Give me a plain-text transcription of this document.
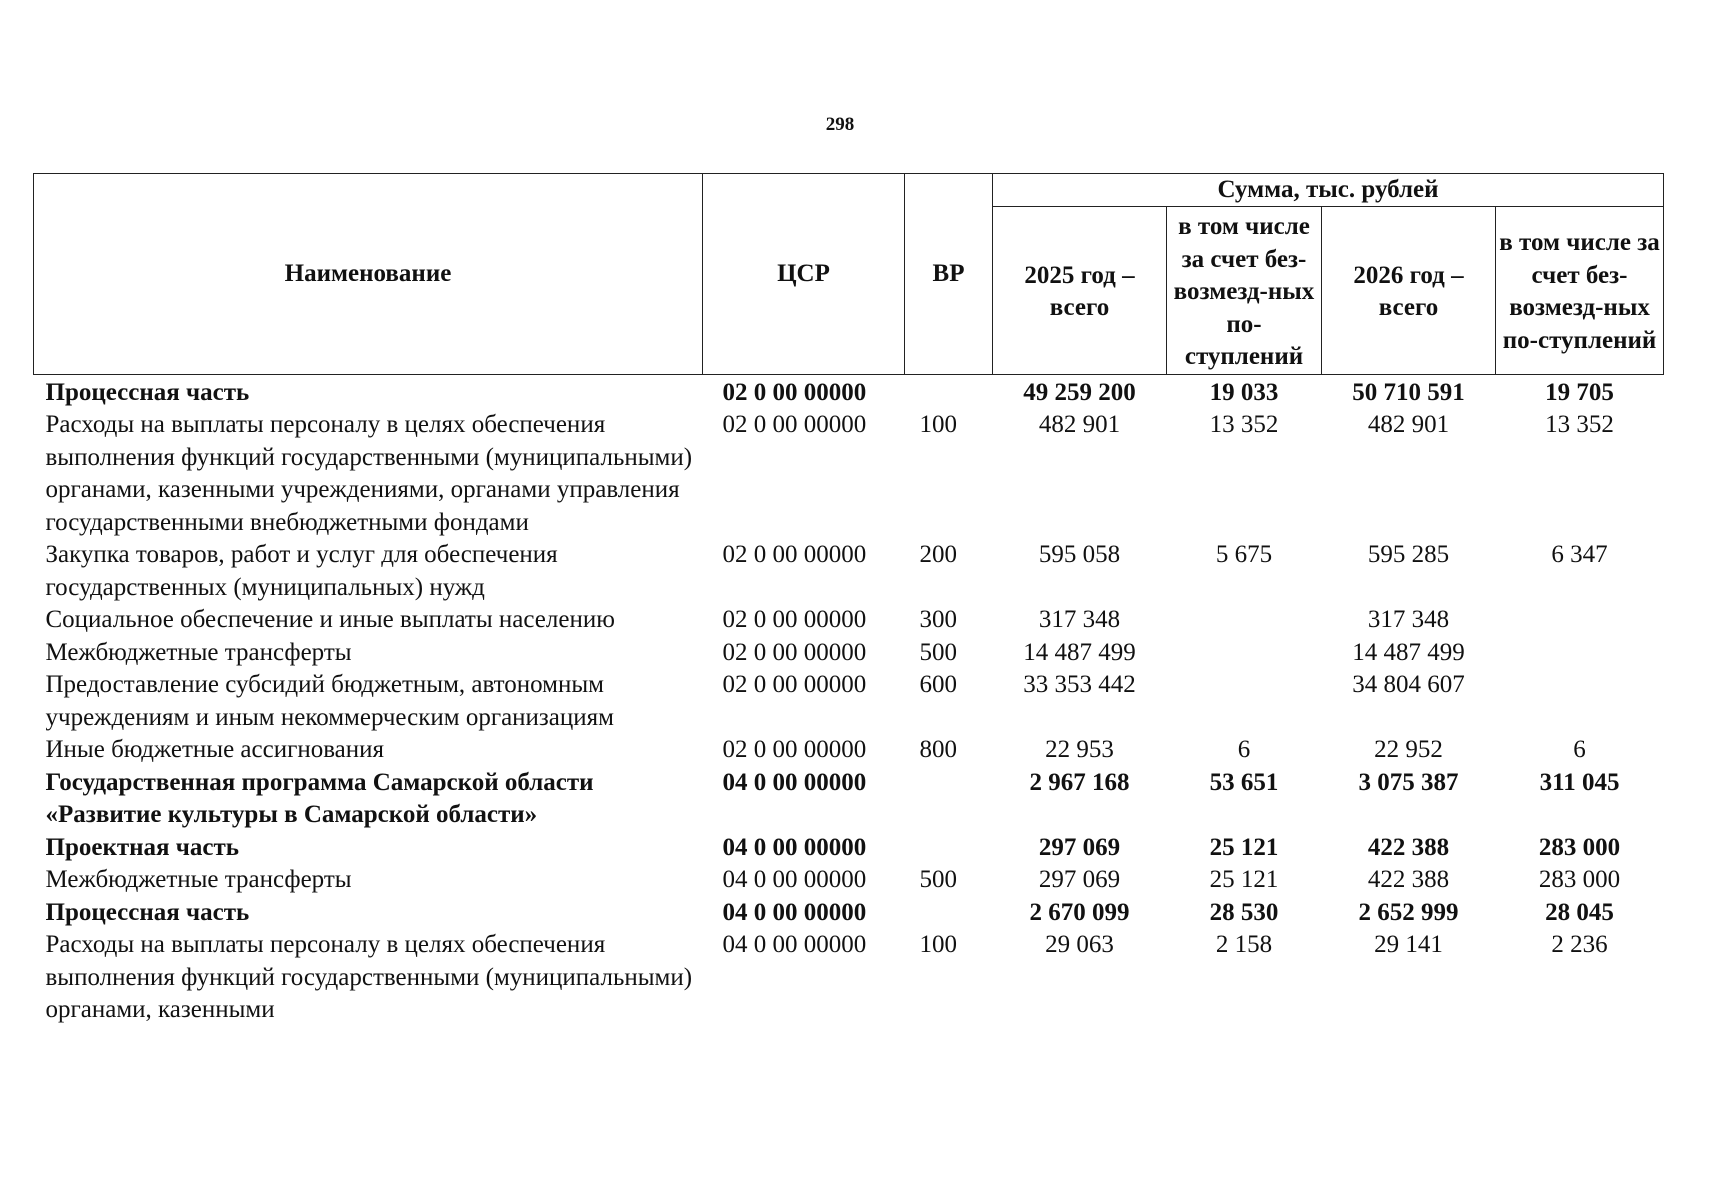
298
Наименование	ЦСР	ВР	Сумма, тыс. рублей			
			2025 год – всего	в том числе за счет без-возмезд-ных по-ступлений	2026 год – всего	в том числе за счет без-возмезд-ных по-ступлений
Процессная часть	02 0 00 00000		49 259 200	19 033	50 710 591	19 705
Расходы на выплаты персоналу в целях обеспечения выполнения функций государственными (муниципальными) органами, казенными учреждениями, органами управления государственными внебюджетными фондами	02 0 00 00000	100	482 901	13 352	482 901	13 352
Закупка товаров, работ и услуг для обеспечения государственных (муниципальных) нужд	02 0 00 00000	200	595 058	5 675	595 285	6 347
Социальное обеспечение и иные выплаты населению	02 0 00 00000	300	317 348		317 348	
Межбюджетные трансферты	02 0 00 00000	500	14 487 499		14 487 499	
Предоставление субсидий бюджетным, автономным учреждениям и иным некоммерческим организациям	02 0 00 00000	600	33 353 442		34 804 607	
Иные бюджетные ассигнования	02 0 00 00000	800	22 953	6	22 952	6
Государственная программа Самарской области «Развитие культуры в Самарской области»	04 0 00 00000		2 967 168	53 651	3 075 387	311 045
Проектная часть	04 0 00 00000		297 069	25 121	422 388	283 000
Межбюджетные трансферты	04 0 00 00000	500	297 069	25 121	422 388	283 000
Процессная часть	04 0 00 00000		2 670 099	28 530	2 652 999	28 045
Расходы на выплаты персоналу в целях обеспечения выполнения функций государственными (муниципальными) органами, казенными	04 0 00 00000	100	29 063	2 158	29 141	2 236
